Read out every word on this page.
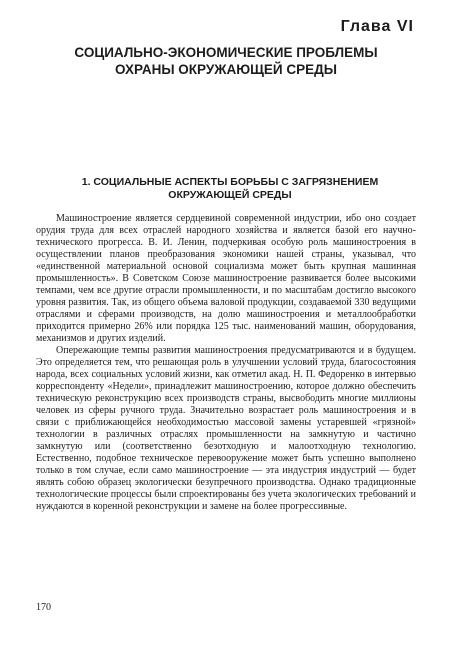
Глава VI
СОЦИАЛЬНО-ЭКОНОМИЧЕСКИЕ ПРОБЛЕМЫ
ОХРАНЫ ОКРУЖАЮЩЕЙ СРЕДЫ
1. СОЦИАЛЬНЫЕ АСПЕКТЫ БОРЬБЫ С ЗАГРЯЗНЕНИЕМ
ОКРУЖАЮЩЕЙ СРЕДЫ

Машиностроение является сердцевиной современной индустрии, ибо оно создает орудия труда для всех отраслей народного хозяйства и является базой его научно-технического прогресса. В. И. Ленин, подчеркивая особую роль машиностроения в осуществлении планов преобразования экономики нашей страны, указывал, что «единственной материальной основой социализма может быть крупная машинная промышленность». В Советском Союзе машиностроение развивается более высокими темпами, чем все другие отрасли промышленности, и по масштабам достигло высокого уровня развития. Так, из общего объема валовой продукции, создаваемой 330 ведущими отраслями и сферами производств, на долю машиностроения и металлообработки приходится примерно 26% или порядка 125 тыс. наименований машин, оборудования, механизмов и других изделий.

Опережающие темпы развития машиностроения предусматриваются и в будущем. Это определяется тем, что решающая роль в улучшении условий труда, благосостояния народа, всех социальных условий жизни, как отметил акад. Н. П. Федоренко в интервью корреспонденту «Недели», принадлежит машиностроению, которое должно обеспечить техническую реконструкцию всех производств страны, высвободить многие миллионы человек из сферы ручного труда. Значительно возрастает роль машиностроения и в связи с приближающейся необходимостью массовой замены устаревшей «грязной» технологии в различных отраслях промышленности на замкнутую и частично замкнутую или (соответственно безотходную и малоотходную технологию. Естественно, подобное техническое перевооружение может быть успешно выполнено только в том случае, если само машиностроение — эта индустрия индустрий — будет являть собою образец экологически безупречного производства. Однако традиционные технологические процессы были спроектированы без учета экологических требований и нуждаются в коренной реконструкции и замене на более прогрессивные.

170
